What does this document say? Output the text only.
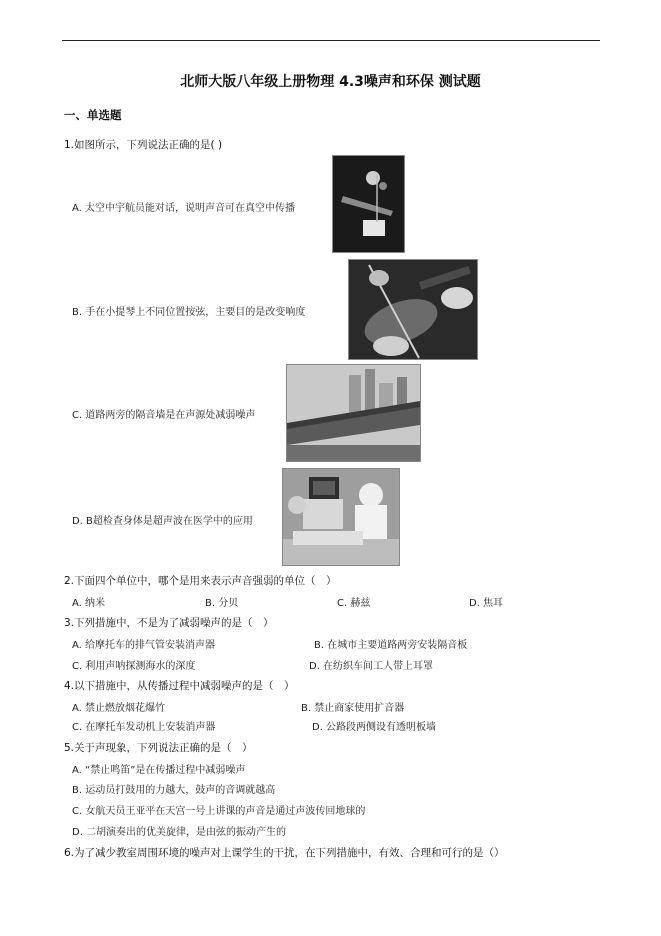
北师大版八年级上册物理 4.3噪声和环保 测试题
一、单选题
1.如图所示，下列说法正确的是( )
A. 太空中宇航员能对话，说明声音可在真空中传播
B. 手在小提琴上不同位置按弦，主要目的是改变响度
C. 道路两旁的隔音墙是在声源处减弱噪声
D. B超检查身体是超声波在医学中的应用
2.下面四个单位中，哪个是用来表示声音强弱的单位（　）
A. 纳米	B. 分贝	C. 赫兹	D. 焦耳
3.下列措施中，不是为了减弱噪声的是（　）
A. 给摩托车的排气管安装消声器	B. 在城市主要道路两旁安装隔音板
C. 利用声呐探测海水的深度	D. 在纺织车间工人带上耳罩
4.以下措施中，从传播过程中减弱噪声的是（　）
A. 禁止燃放烟花爆竹	B. 禁止商家使用扩音器
C. 在摩托车发动机上安装消声器	D. 公路段两侧设有透明板墙
5.关于声现象，下列说法正确的是（　）
A. “禁止鸣笛”是在传播过程中减弱噪声
B. 运动员打鼓用的力越大，鼓声的音调就越高
C. 女航天员王亚平在天宫一号上讲课的声音是通过声波传回地球的
D. 二胡演奏出的优美旋律，是由弦的振动产生的
6.为了减少教室周围环境的噪声对上课学生的干扰，在下列措施中，有效、合理和可行的是（）
